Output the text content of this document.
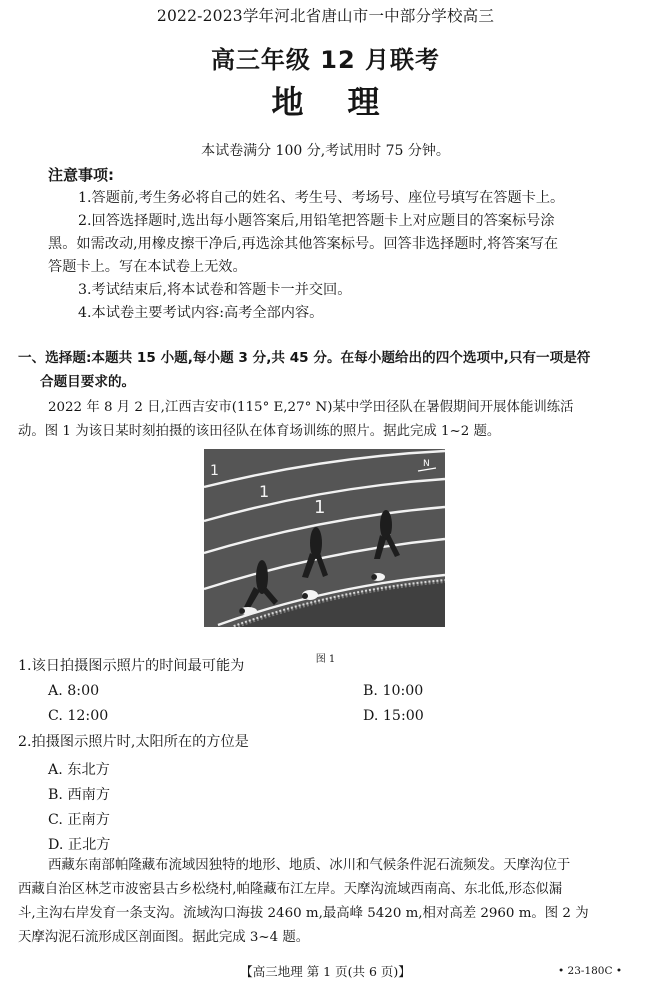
2022-2023学年河北省唐山市一中部分学校高三
高三年级 12 月联考
地理
本试卷满分 100 分,考试用时 75 分钟。
注意事项:
1.答题前,考生务必将自己的姓名、考生号、考场号、座位号填写在答题卡上。
2.回答选择题时,选出每小题答案后,用铅笔把答题卡上对应题目的答案标号涂
黑。如需改动,用橡皮擦干净后,再选涂其他答案标号。回答非选择题时,将答案写在
答题卡上。写在本试卷上无效。
3.考试结束后,将本试卷和答题卡一并交回。
4.本试卷主要考试内容:高考全部内容。
一、选择题:本题共 15 小题,每小题 3 分,共 45 分。在每小题给出的四个选项中,只有一项是符
合题目要求的。
2022 年 8 月 2 日,江西吉安市(115° E,27° N)某中学田径队在暑假期间开展体能训练活
动。图 1 为该日某时刻拍摄的该田径队在体育场训练的照片。据此完成 1~2 题。
1
1
1
N
图 1
1.该日拍摄图示照片的时间最可能为
A. 8:00	B. 10:00
C. 12:00	D. 15:00
2.拍摄图示照片时,太阳所在的方位是
A. 东北方
B. 西南方
C. 正南方
D. 正北方
西藏东南部帕隆藏布流域因独特的地形、地质、冰川和气候条件泥石流频发。天摩沟位于
西藏自治区林芝市波密县古乡松绕村,帕隆藏布江左岸。天摩沟流域西南高、东北低,形态似漏
斗,主沟右岸发育一条支沟。流域沟口海拔 2460 m,最高峰 5420 m,相对高差 2960 m。图 2 为
天摩沟泥石流形成区剖面图。据此完成 3~4 题。
【高三地理 第 1 页(共 6 页)】	• 23-180C •
